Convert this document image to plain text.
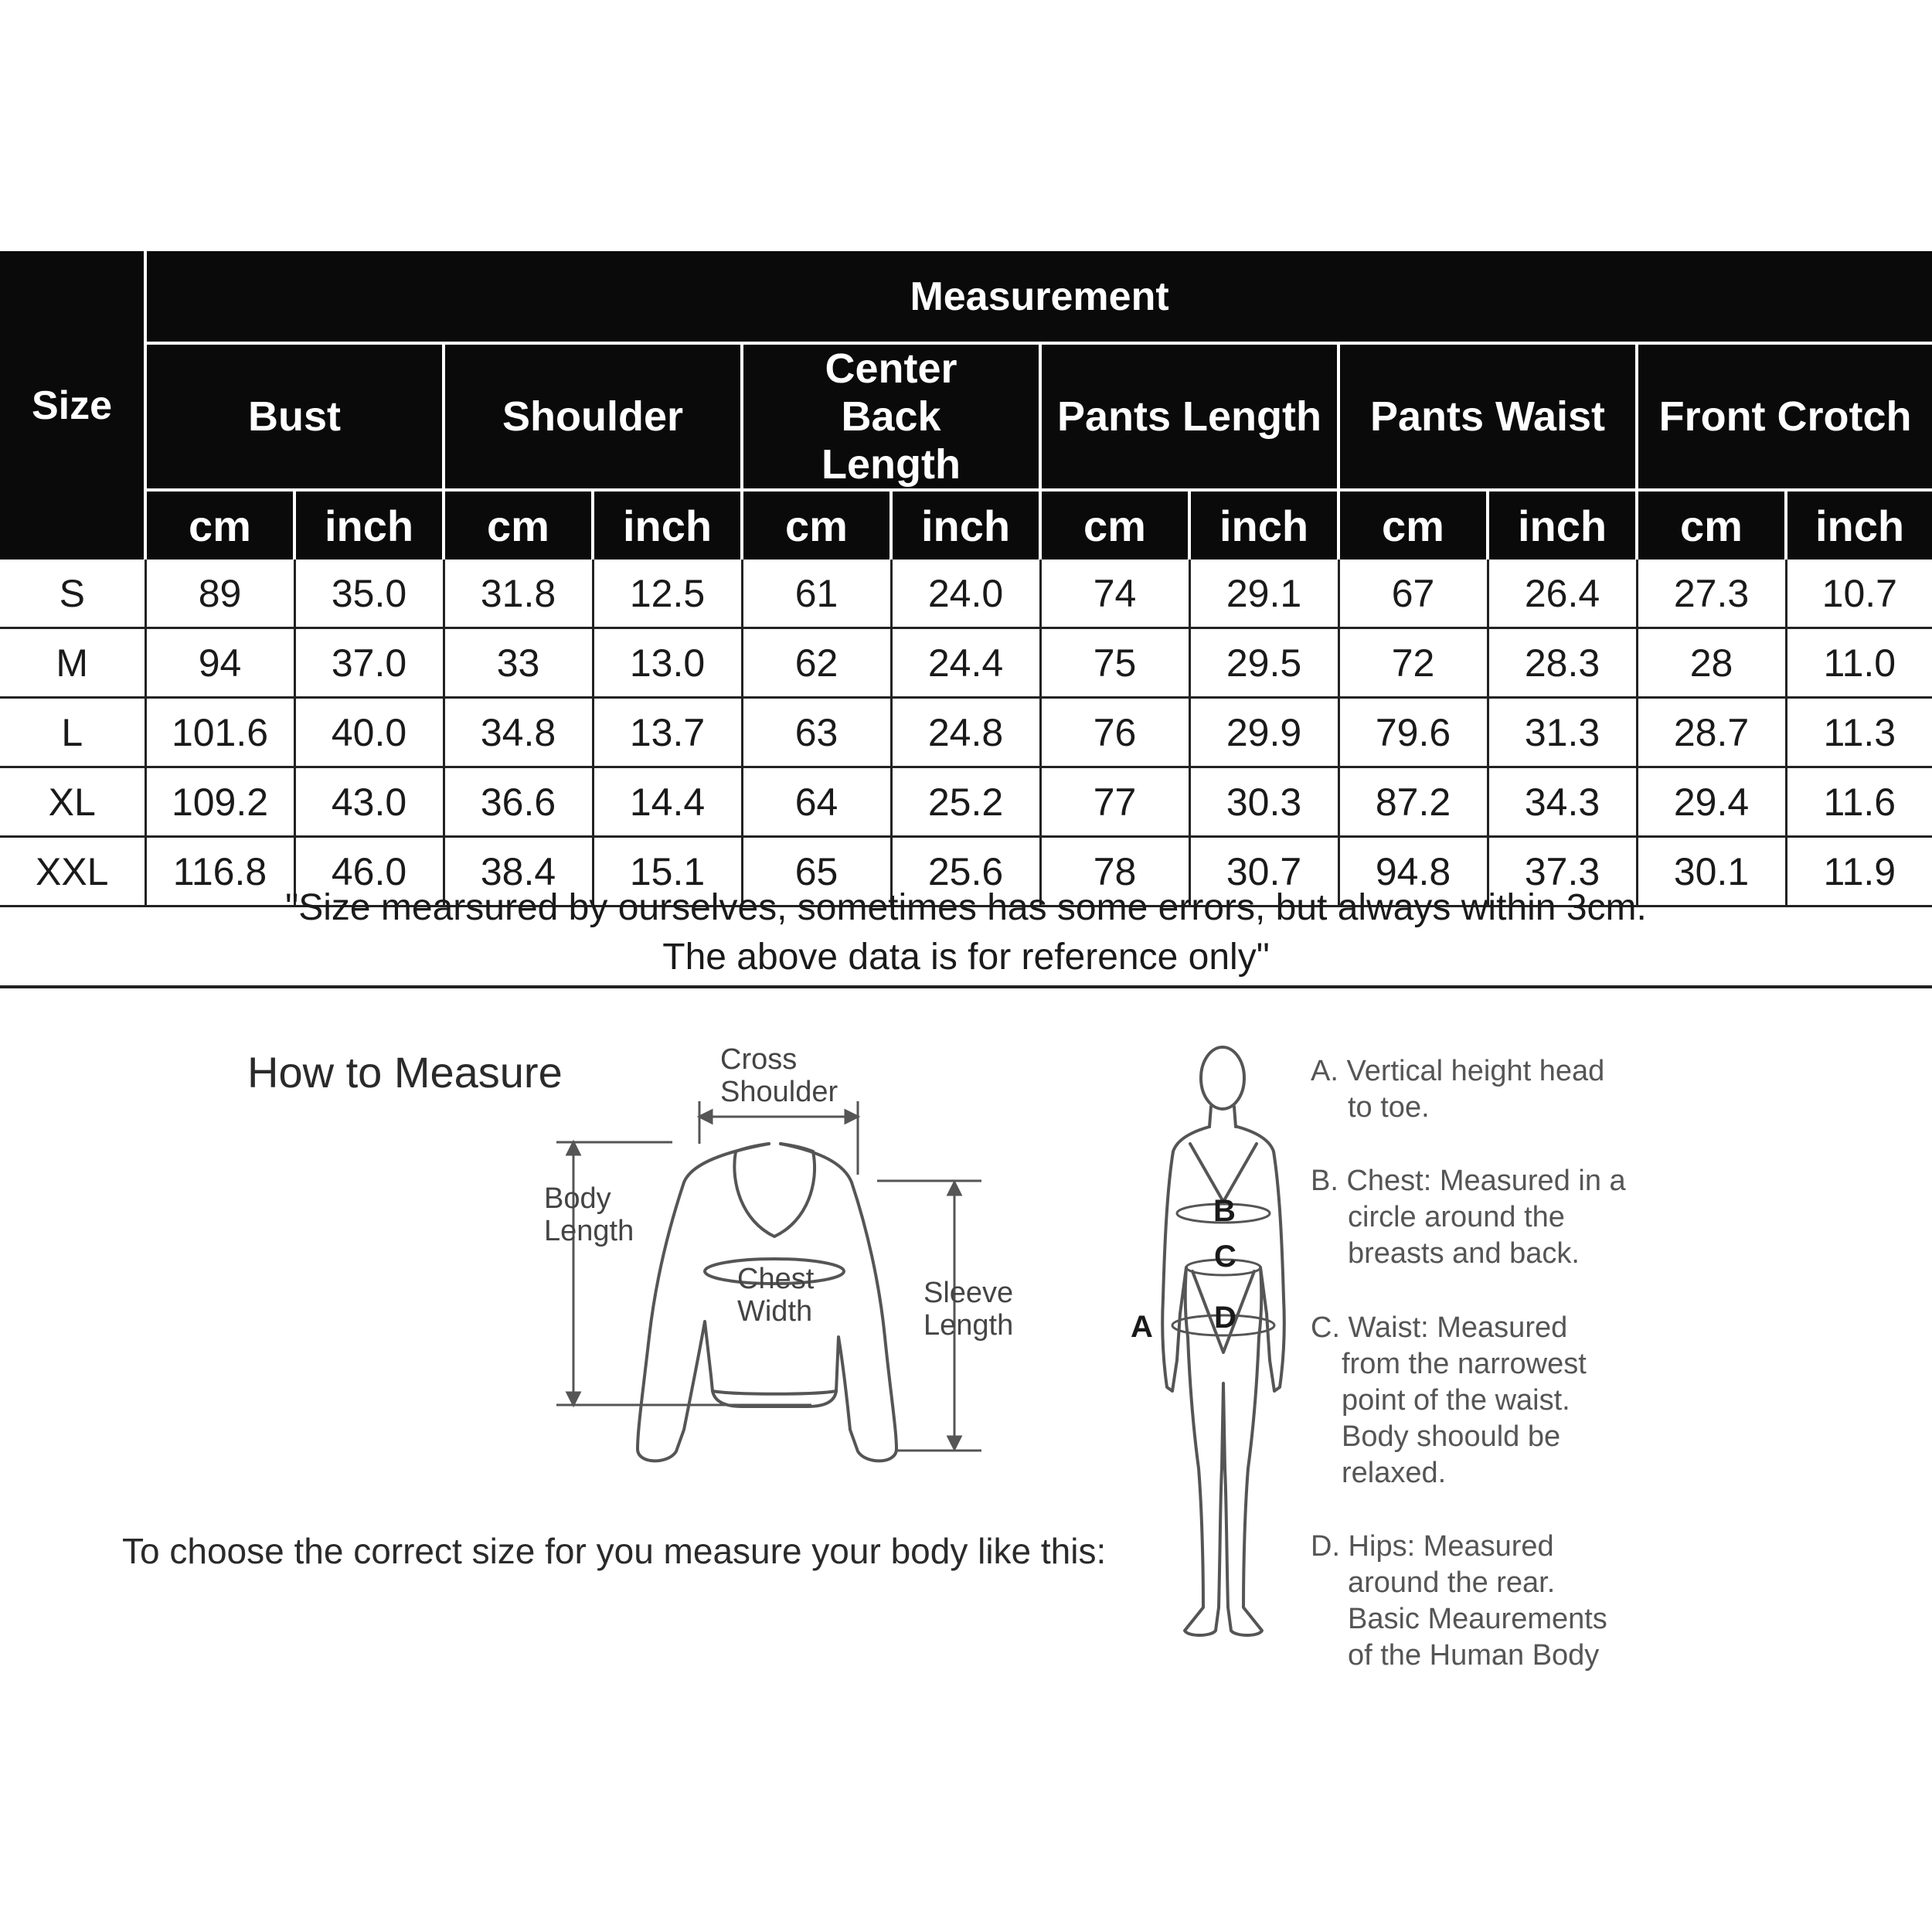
Size	Measurement											
	Bust		Shoulder		Center Back Length		Pants Length		Pants Waist		Front Crotch	
	cm	inch	cm	inch	cm	inch	cm	inch	cm	inch	cm	inch
S	89	35.0	31.8	12.5	61	24.0	74	29.1	67	26.4	27.3	10.7
M	94	37.0	33	13.0	62	24.4	75	29.5	72	28.3	28	11.0
L	101.6	40.0	34.8	13.7	63	24.8	76	29.9	79.6	31.3	28.7	11.3
XL	109.2	43.0	36.6	14.4	64	25.2	77	30.3	87.2	34.3	29.4	11.6
XXL	116.8	46.0	38.4	15.1	65	25.6	78	30.7	94.8	37.3	30.1	11.9
"Size mearsured by ourselves, sometimes has some errors, but always within 3cm.
The above data is for reference only"
How to Measure
To choose the correct size for you measure your body like this:
Cross
Shoulder
Body
Length
Chest
Width
Sleeve
Length
B
C
D
A
A. Vertical height head
to toe.
B. Chest: Measured in a
circle around the
breasts and back.
C. Waist: Measured
from the narrowest
point of the waist.
Body shoould be
relaxed.
D. Hips: Measured
around the rear.
Basic Meaurements
of the Human Body
